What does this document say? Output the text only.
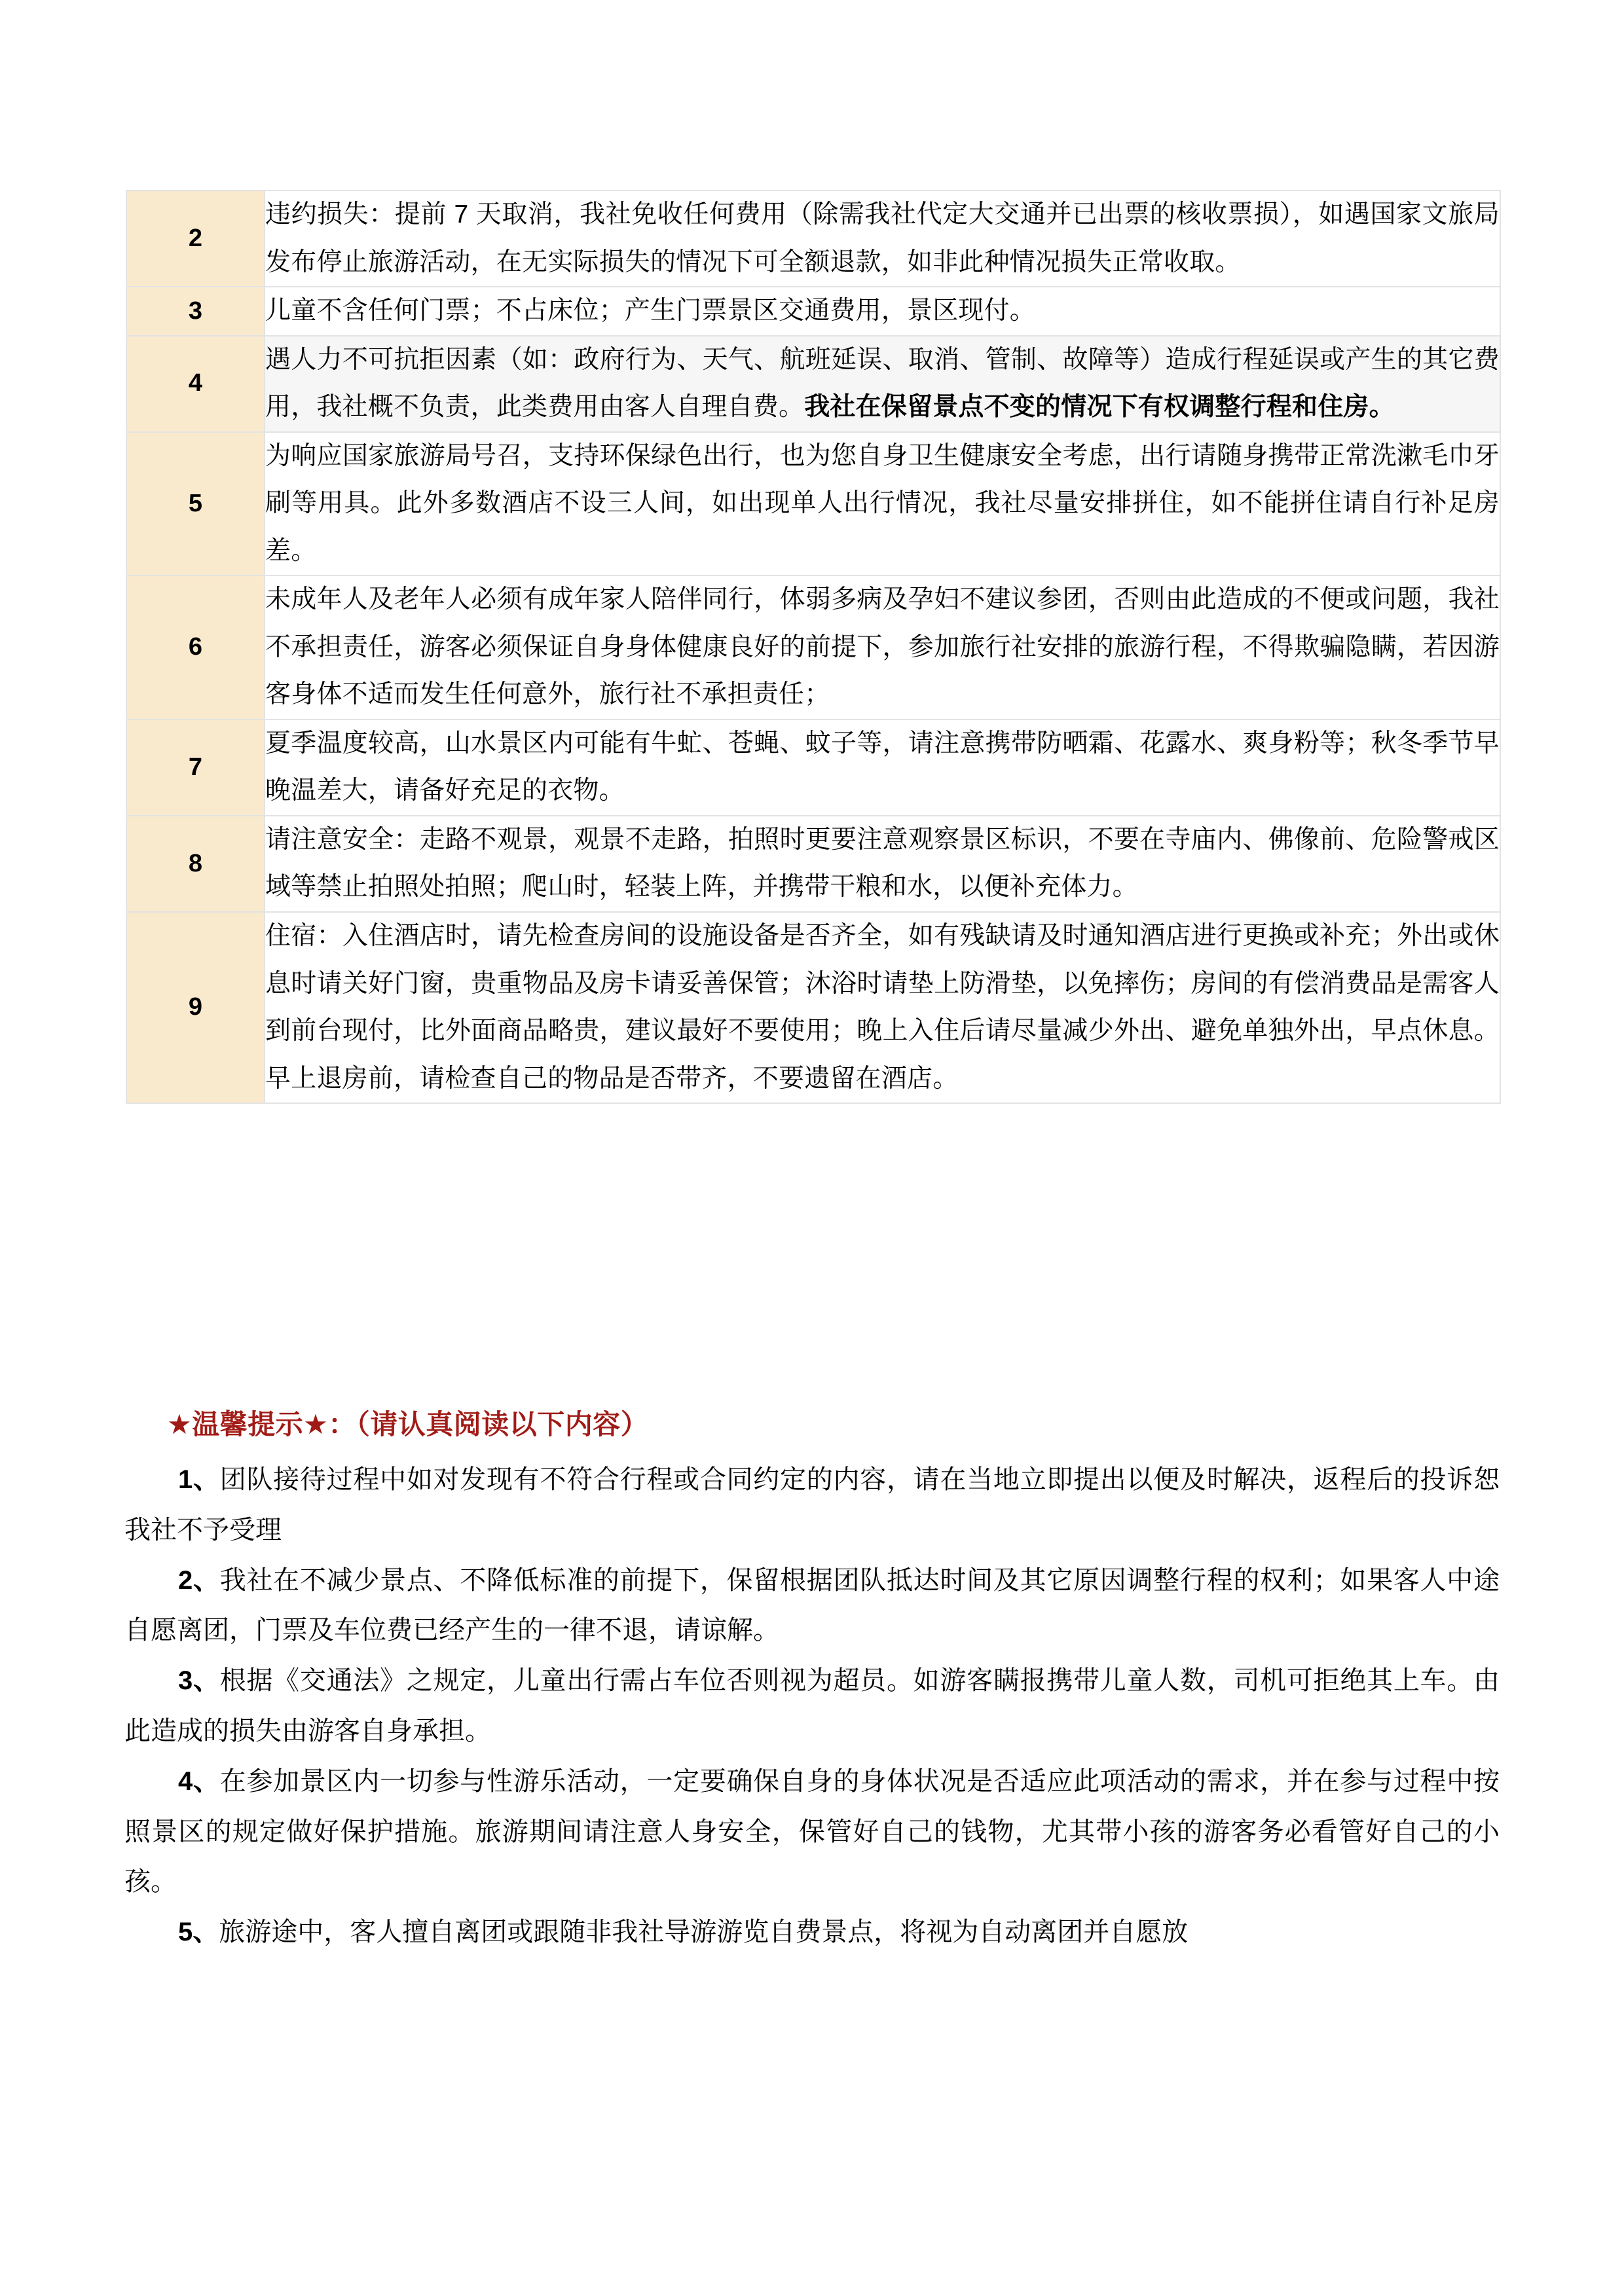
2	违约损失：提前 7 天取消，我社免收任何费用（除需我社代定大交通并已出票的核收票损），如遇国家文旅局发布停止旅游活动，在无实际损失的情况下可全额退款，如非此种情况损失正常收取。
3	儿童不含任何门票；不占床位；产生门票景区交通费用，景区现付。
4	遇人力不可抗拒因素（如：政府行为、天气、航班延误、取消、管制、故障等）造成行程延误或产生的其它费用，我社概不负责，此类费用由客人自理自费。我社在保留景点不变的情况下有权调整行程和住房。
5	为响应国家旅游局号召，支持环保绿色出行，也为您自身卫生健康安全考虑，出行请随身携带正常洗漱毛巾牙刷等用具。此外多数酒店不设三人间，如出现单人出行情况，我社尽量安排拼住，如不能拼住请自行补足房差。
6	未成年人及老年人必须有成年家人陪伴同行，体弱多病及孕妇不建议参团，否则由此造成的不便或问题，我社不承担责任，游客必须保证自身身体健康良好的前提下，参加旅行社安排的旅游行程，不得欺骗隐瞒，若因游客身体不适而发生任何意外，旅行社不承担责任；
7	夏季温度较高，山水景区内可能有牛虻、苍蝇、蚊子等，请注意携带防晒霜、花露水、爽身粉等；秋冬季节早晚温差大，请备好充足的衣物。
8	请注意安全：走路不观景，观景不走路，拍照时更要注意观察景区标识，不要在寺庙内、佛像前、危险警戒区域等禁止拍照处拍照；爬山时，轻装上阵，并携带干粮和水，以便补充体力。
9	住宿：入住酒店时，请先检查房间的设施设备是否齐全，如有残缺请及时通知酒店进行更换或补充；外出或休息时请关好门窗，贵重物品及房卡请妥善保管；沐浴时请垫上防滑垫，以免摔伤；房间的有偿消费品是需客人到前台现付，比外面商品略贵，建议最好不要使用；晚上入住后请尽量减少外出、避免单独外出，早点休息。早上退房前，请检查自己的物品是否带齐，不要遗留在酒店。
★温馨提示★：（请认真阅读以下内容）

1、团队接待过程中如对发现有不符合行程或合同约定的内容，请在当地立即提出以便及时解决，返程后的投诉恕我社不予受理

2、我社在不减少景点、不降低标准的前提下，保留根据团队抵达时间及其它原因调整行程的权利；如果客人中途自愿离团，门票及车位费已经产生的一律不退，请谅解。

3、根据《交通法》之规定，儿童出行需占车位否则视为超员。如游客瞒报携带儿童人数，司机可拒绝其上车。由此造成的损失由游客自身承担。

4、在参加景区内一切参与性游乐活动，一定要确保自身的身体状况是否适应此项活动的需求，并在参与过程中按照景区的规定做好保护措施。旅游期间请注意人身安全，保管好自己的钱物，尤其带小孩的游客务必看管好自己的小孩。

5、旅游途中，客人擅自离团或跟随非我社导游游览自费景点，将视为自动离团并自愿放
